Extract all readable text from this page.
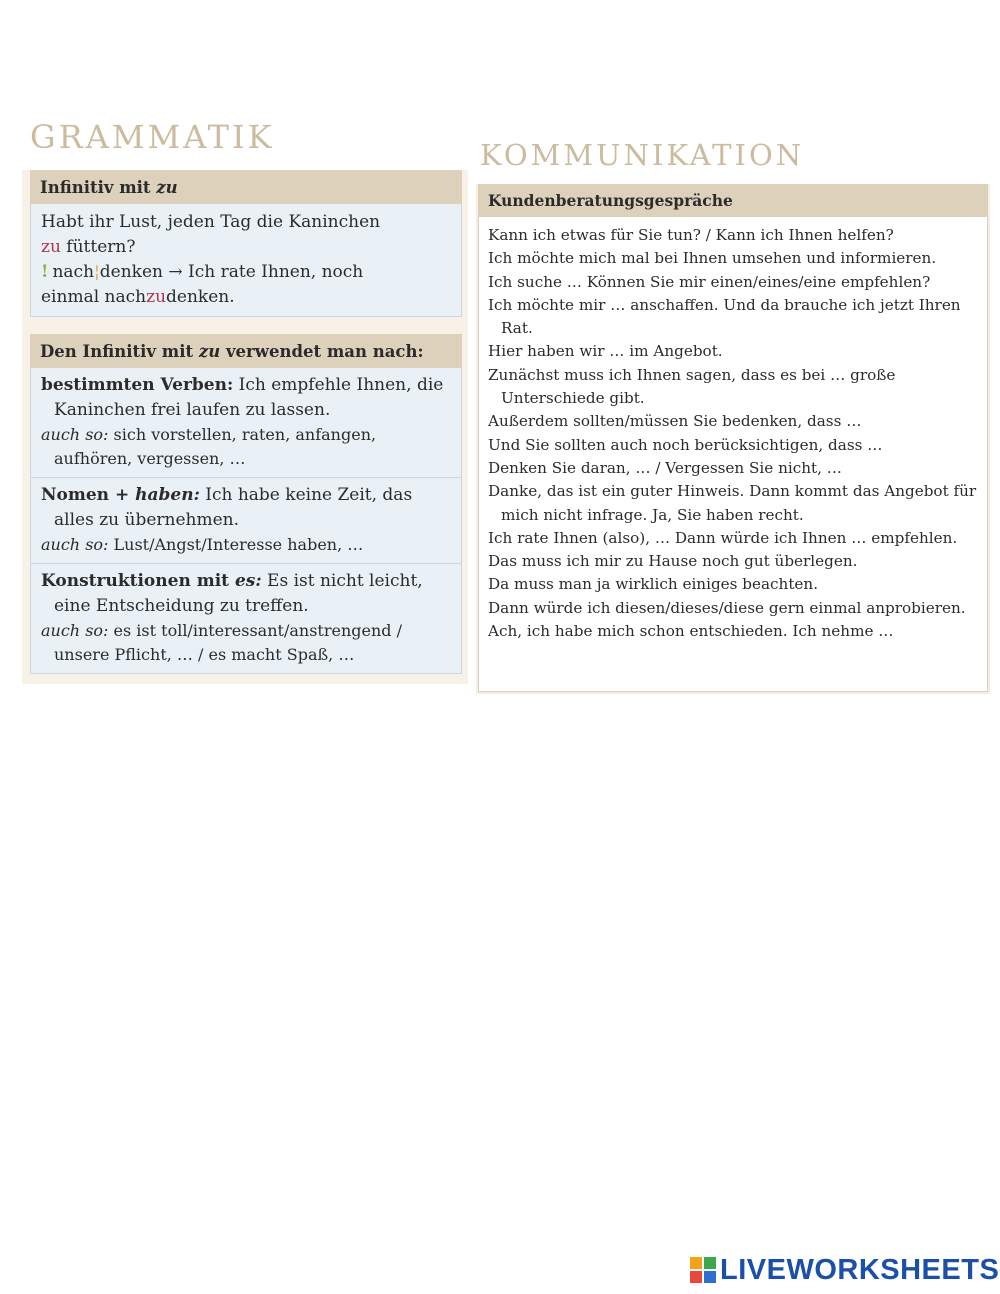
GRAMMATIK	KOMMUNIKATION
Infinitiv mit zu
Habt ihr Lust, jeden Tag die Kaninchen
zu füttern?
! nach¦denken → Ich rate Ihnen, noch
einmal nachzudenken.
Den Infinitiv mit zu verwendet man nach:
bestimmten Verben: Ich empfehle Ihnen, die Kaninchen frei laufen zu lassen.
auch so: sich vorstellen, raten, anfangen, aufhören, vergessen, …
Nomen + haben: Ich habe keine Zeit, das alles zu übernehmen.
auch so: Lust/Angst/Interesse haben, …
Konstruktionen mit es: Es ist nicht leicht, eine Entscheidung zu treffen.
auch so: es ist toll/interessant/anstrengend / unsere Pflicht, … / es macht Spaß, …
Kundenberatungsgespräche
Kann ich etwas für Sie tun? / Kann ich Ihnen helfen?
Ich möchte mich mal bei Ihnen umsehen und informieren.
Ich suche … Können Sie mir einen/eines/eine empfehlen?
Ich möchte mir … anschaffen. Und da brauche ich jetzt Ihren Rat.
Hier haben wir … im Angebot.
Zunächst muss ich Ihnen sagen, dass es bei … große Unterschiede gibt.
Außerdem sollten/müssen Sie bedenken, dass …
Und Sie sollten auch noch berücksichtigen, dass …
Denken Sie daran, … / Vergessen Sie nicht, …
Danke, das ist ein guter Hinweis. Dann kommt das Angebot für mich nicht infrage. Ja, Sie haben recht.
Ich rate Ihnen (also), … Dann würde ich Ihnen … empfehlen.
Das muss ich mir zu Hause noch gut überlegen.
Da muss man ja wirklich einiges beachten.
Dann würde ich diesen/dieses/diese gern einmal anprobieren.
Ach, ich habe mich schon entschieden. Ich nehme …
LIVEWORKSHEETS
